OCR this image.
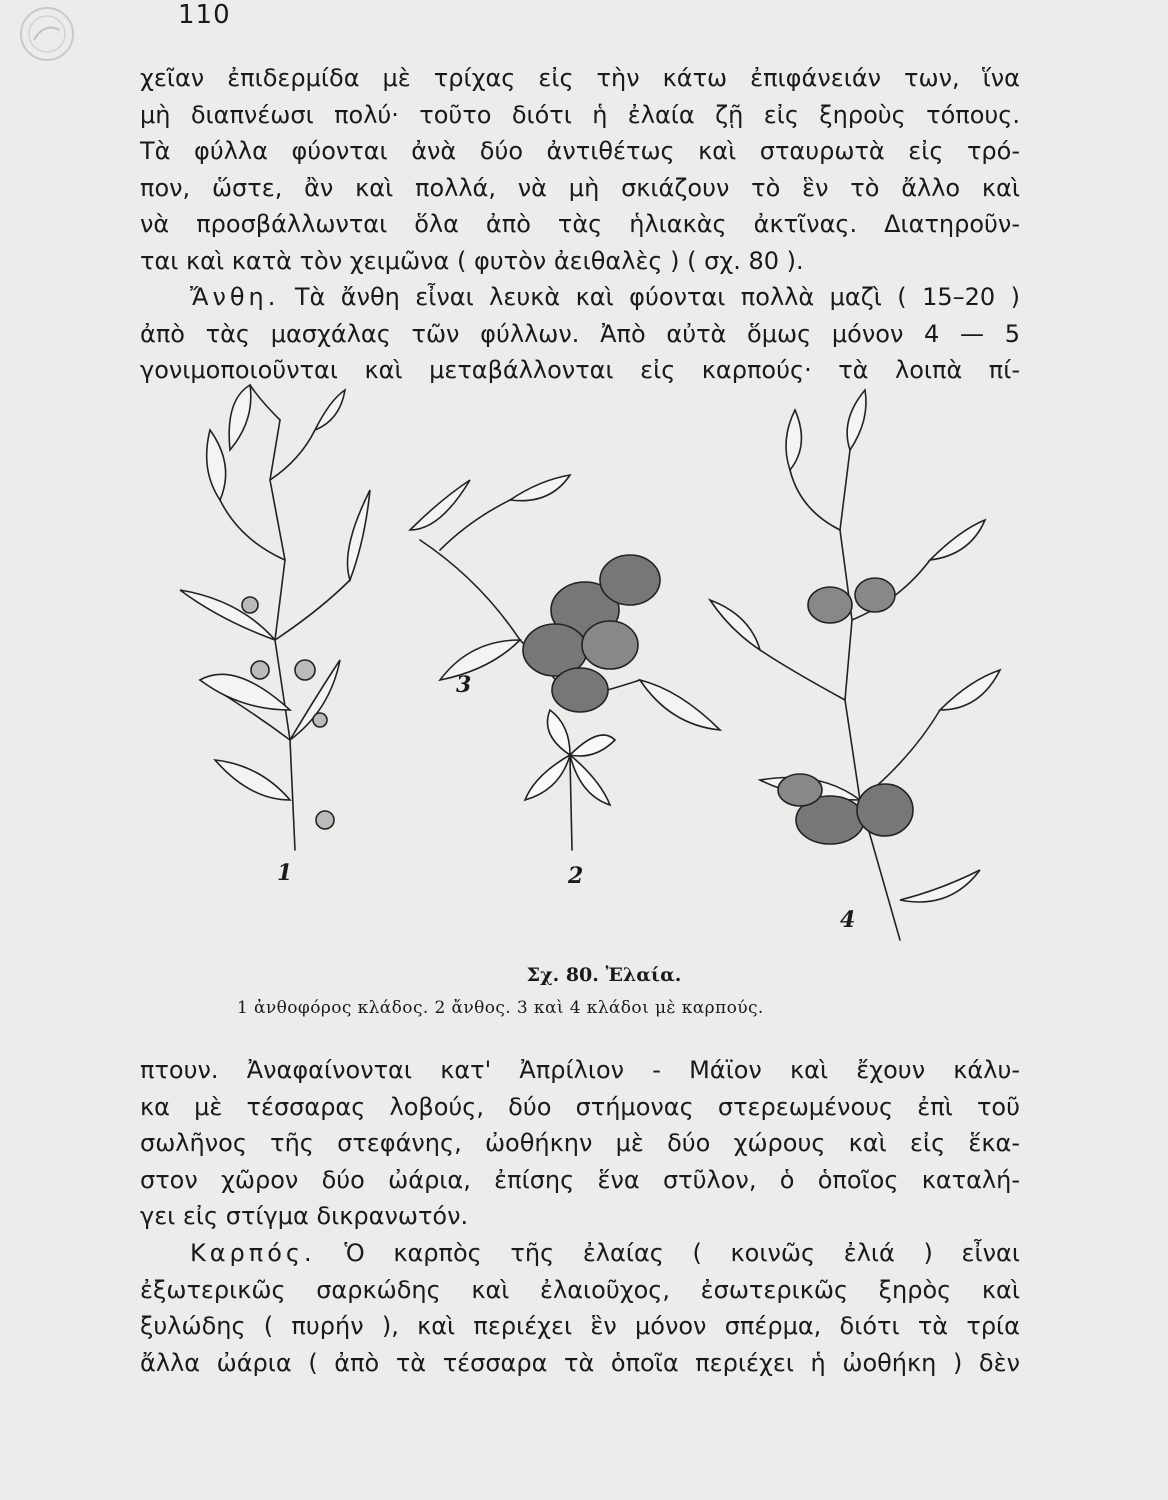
110
χεῖαν ἐπιδερμίδα μὲ τρίχας εἰς τὴν κάτω ἐπιφάνειάν των, ἵνα
μὴ διαπνέωσι πολύ· τοῦτο διότι ἡ ἐλαία ζῇ εἰς ξηροὺς τόπους.
Τὰ φύλλα φύονται ἀνὰ δύο ἀντιθέτως καὶ σταυρωτὰ εἰς τρό-
πον, ὥστε, ἂν καὶ πολλά, νὰ μὴ σκιάζουν τὸ ἓν τὸ ἄλλο καὶ
νὰ προσβάλλωνται ὅλα ἀπὸ τὰς ἡλιακὰς ἀκτῖνας. Διατηροῦν-
ται καὶ κατὰ τὸν χειμῶνα ( φυτὸν ἀειθαλὲς ) ( σχ. 80 ).
Ἄνθη. Τὰ ἄνθη εἶναι λευκὰ καὶ φύονται πολλὰ μαζὶ ( 15–20 )
ἀπὸ τὰς μασχάλας τῶν φύλλων. Ἀπὸ αὐτὰ ὅμως μόνον 4 — 5
γονιμοποιοῦνται καὶ μεταβάλλονται εἰς καρπούς· τὰ λοιπὰ πί-
1	2
3
4
Σχ. 80. Ἐλαία.
1 ἀνθοφόρος κλάδος. 2 ἄνθος. 3 καὶ 4 κλάδοι μὲ καρπούς.
πτουν. Ἀναφαίνονται κατ' Ἀπρίλιον - Μάϊον καὶ ἔχουν κάλυ-
κα μὲ τέσσαρας λοβούς, δύο στήμονας στερεωμένους ἐπὶ τοῦ
σωλῆνος τῆς στεφάνης, ὠοθήκην μὲ δύο χώρους καὶ εἰς ἕκα-
στον χῶρον δύο ὠάρια, ἐπίσης ἕνα στῦλον, ὁ ὁποῖος καταλή-
γει εἰς στίγμα δικρανωτόν.
Καρπός. Ὁ καρπὸς τῆς ἐλαίας ( κοινῶς ἐλιά ) εἶναι
ἐξωτερικῶς σαρκώδης καὶ ἐλαιοῦχος, ἐσωτερικῶς ξηρὸς καὶ
ξυλώδης ( πυρήν ), καὶ περιέχει ἓν μόνον σπέρμα, διότι τὰ τρία
ἄλλα ὠάρια ( ἀπὸ τὰ τέσσαρα τὰ ὁποῖα περιέχει ἡ ὠοθήκη ) δὲν
